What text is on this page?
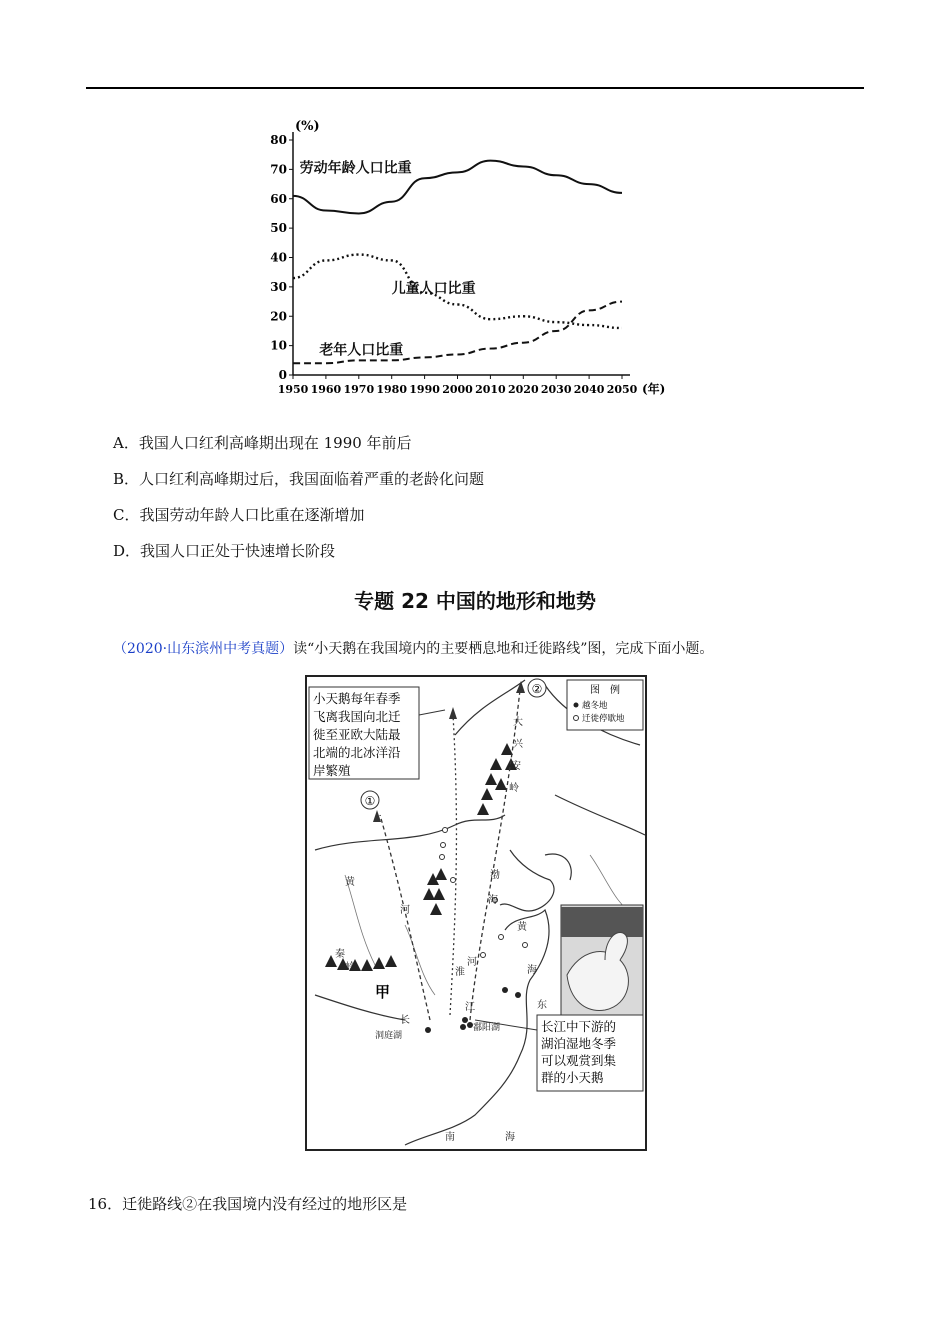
0
10
20
30
40
50
60
70
80
1950 1960 1970 1980 1990 2000 2010 2020 2030 2040 2050
(%)
(年)
劳动年龄人口比重
儿童人口比重
老年人口比重
A．我国人口红利高峰期出现在 1990 年前后
B．人口红利高峰期过后，我国面临着严重的老龄化问题
C．我国劳动年龄人口比重在逐渐增加
D．我国人口正处于快速增长阶段
专题 22 中国的地形和地势
（2020·山东滨州中考真题）读“小天鹅在我国境内的主要栖息地和迁徙路线”图，完成下面小题。
图　例
越冬地
迁徙停歇地
①
②
小天鹅每年春季
飞离我国向北迁
徙至亚欧大陆最
北端的北冰洋沿
岸繁殖
长江中下游的
湖泊湿地冬季
可以观赏到集
群的小天鹅
大
兴
安
岭
黄
河
秦
岭
长
江
淮
河
渤
海
黄
海
东
南	海
洞庭湖
鄱阳湖
甲
16．迁徙路线②在我国境内没有经过的地形区是
